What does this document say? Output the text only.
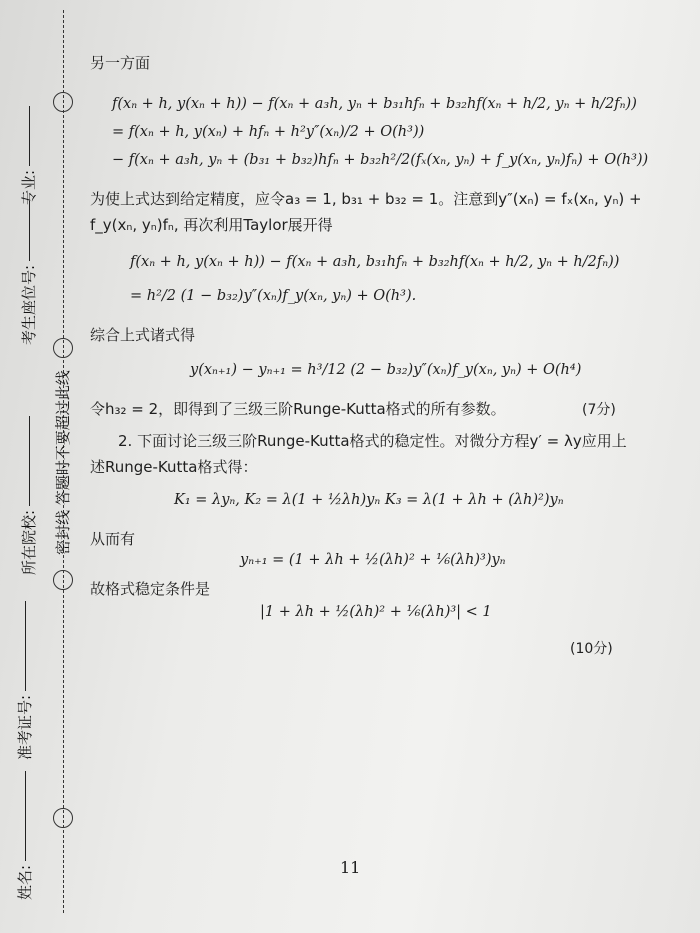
姓名:
准考证号:
所在院校: 密封线 答题时不要超过此线
考生座位号:
专业:
另一方面
f(xₙ + h, y(xₙ + h)) − f(xₙ + a₃h, yₙ + b₃₁hfₙ + b₃₂hf(xₙ + h/2, yₙ + h/2fₙ))
= f(xₙ + h, y(xₙ) + hfₙ + h²y″(xₙ)/2 + O(h³))
− f(xₙ + a₃h, yₙ + (b₃₁ + b₃₂)hfₙ + b₃₂h²/2(fₓ(xₙ, yₙ) + f_y(xₙ, yₙ)fₙ) + O(h³))
为使上式达到给定精度，应令a₃ = 1, b₃₁ + b₃₂ = 1。注意到y″(xₙ) = fₓ(xₙ, yₙ) +
f_y(xₙ, yₙ)fₙ, 再次利用Taylor展开得
f(xₙ + h, y(xₙ + h)) − f(xₙ + a₃h, b₃₁hfₙ + b₃₂hf(xₙ + h/2, yₙ + h/2fₙ))
= h²/2 (1 − b₃₂)y″(xₙ)f_y(xₙ, yₙ) + O(h³).
综合上式诸式得
y(xₙ₊₁) − yₙ₊₁ = h³/12 (2 − b₃₂)y″(xₙ)f_y(xₙ, yₙ) + O(h⁴)
令h₃₂ = 2，即得到了三级三阶Runge-Kutta格式的所有参数。	(7分)
2. 下面讨论三级三阶Runge-Kutta格式的稳定性。对微分方程y′ = λy应用上
述Runge-Kutta格式得：
K₁ = λyₙ, K₂ = λ(1 + ½λh)yₙ K₃ = λ(1 + λh + (λh)²)yₙ
从而有
yₙ₊₁ = (1 + λh + ½(λh)² + ⅙(λh)³)yₙ
故格式稳定条件是
|1 + λh + ½(λh)² + ⅙(λh)³| < 1
(10分)
11
